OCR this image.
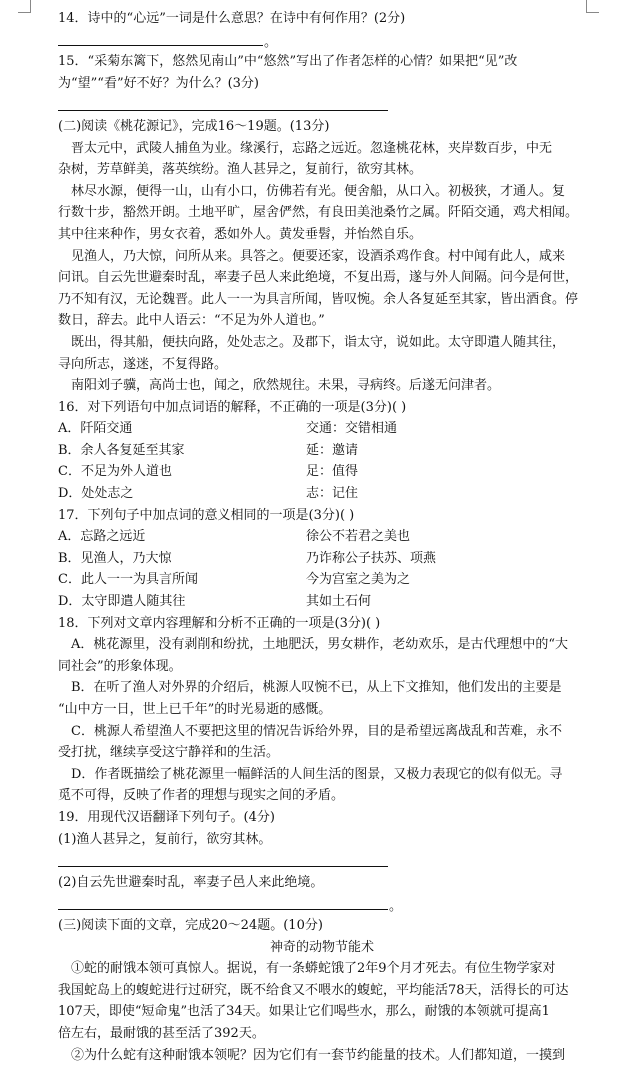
14．诗中的“心远”一词是什么意思？在诗中有何作用？(2分)
。
15．“采菊东篱下，悠然见南山”中“悠然”写出了作者怎样的心情？如果把“见”改
为“望”“看”好不好？为什么？(3分)
(二)阅读《桃花源记》，完成16～19题。(13分)
晋太元中，武陵人捕鱼为业。缘溪行，忘路之远近。忽逢桃花林，夹岸数百步，中无
杂树，芳草鲜美，落英缤纷。渔人甚异之，复前行，欲穷其林。
林尽水源，便得一山，山有小口，仿佛若有光。便舍船，从口入。初极狭，才通人。复
行数十步，豁然开朗。土地平旷，屋舍俨然，有良田美池桑竹之属。阡陌交通，鸡犬相闻。
其中往来种作，男女衣着，悉如外人。黄发垂髫，并怡然自乐。
见渔人，乃大惊，问所从来。具答之。便要还家，设酒杀鸡作食。村中闻有此人，咸来
问讯。自云先世避秦时乱，率妻子邑人来此绝境，不复出焉，遂与外人间隔。问今是何世，
乃不知有汉，无论魏晋。此人一一为具言所闻，皆叹惋。余人各复延至其家，皆出酒食。停
数日，辞去。此中人语云：“不足为外人道也。”
既出，得其船，便扶向路，处处志之。及郡下，诣太守，说如此。太守即遣人随其往，
寻向所志，遂迷，不复得路。
南阳刘子骥，高尚士也，闻之，欣然规往。未果，寻病终。后遂无问津者。
16．对下列语句中加点词语的解释，不正确的一项是(3分)( )
A．阡陌交通	交通：交错相通
B．余人各复延至其家	延：邀请
C．不足为外人道也	足：值得
D．处处志之	志：记住
17．下列句子中加点词的意义相同的一项是(3分)( )
A．忘路之远近	徐公不若君之美也
B．见渔人，乃大惊	乃诈称公子扶苏、项燕
C．此人一一为具言所闻	今为宫室之美为之
D．太守即遣人随其往	其如土石何
18．下列对文章内容理解和分析不正确的一项是(3分)( )
A．桃花源里，没有剥削和纷扰，土地肥沃，男女耕作，老幼欢乐，是古代理想中的“大
同社会”的形象体现。
B．在听了渔人对外界的介绍后，桃源人叹惋不已，从上下文推知，他们发出的主要是
“山中方一日，世上已千年”的时光易逝的感慨。
C．桃源人希望渔人不要把这里的情况告诉给外界，目的是希望远离战乱和苦难，永不
受打扰，继续享受这宁静祥和的生活。
D．作者既描绘了桃花源里一幅鲜活的人间生活的图景，又极力表现它的似有似无。寻
觅不可得，反映了作者的理想与现实之间的矛盾。
19．用现代汉语翻译下列句子。(4分)
(1)渔人甚异之，复前行，欲穷其林。
(2)自云先世避秦时乱，率妻子邑人来此绝境。
。
(三)阅读下面的文章，完成20～24题。(10分)
神奇的动物节能术
①蛇的耐饿本领可真惊人。据说，有一条蟒蛇饿了2年9个月才死去。有位生物学家对
我国蛇岛上的蝮蛇进行过研究，既不给食又不喂水的蝮蛇，平均能活78天，活得长的可达
107天，即使“短命鬼”也活了34天。如果让它们喝些水，那么，耐饿的本领就可提高1
倍左右，最耐饿的甚至活了392天。
②为什么蛇有这种耐饿本领呢？因为它们有一套节约能量的技术。人们都知道，一摸到
